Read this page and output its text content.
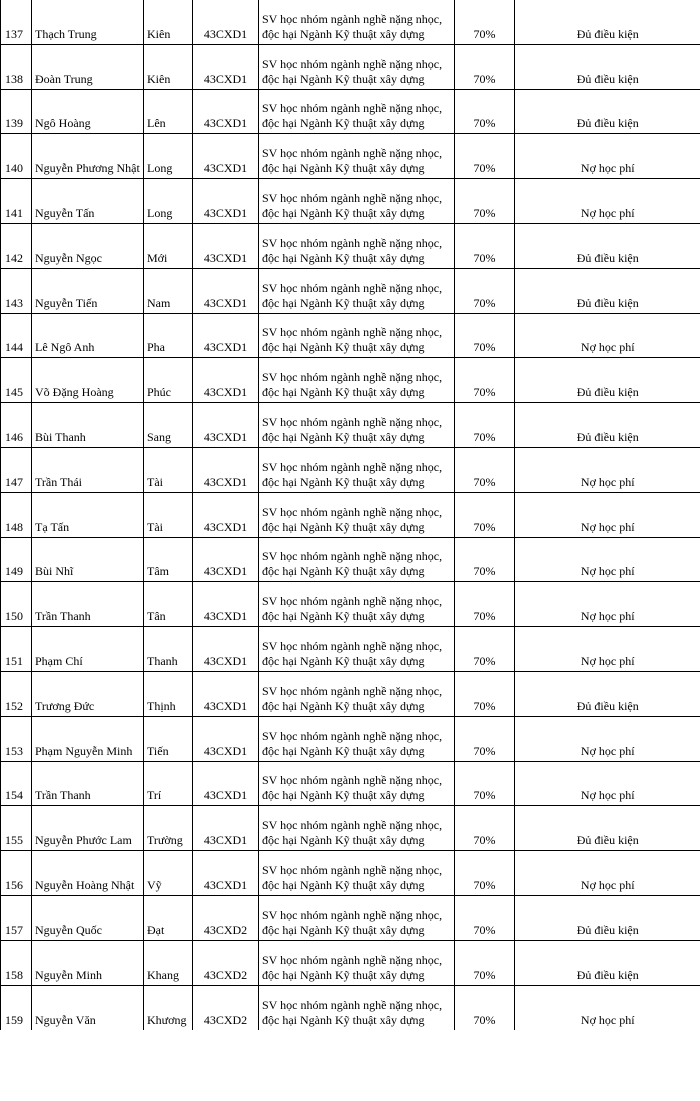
137	Thạch Trung	Kiên	43CXD1	SV học nhóm ngành nghề nặng nhọc, độc hại Ngành Kỹ thuật xây dựng	70%	Đủ điều kiện
138	Đoàn Trung	Kiên	43CXD1	SV học nhóm ngành nghề nặng nhọc, độc hại Ngành Kỹ thuật xây dựng	70%	Đủ điều kiện
139	Ngô Hoàng	Lên	43CXD1	SV học nhóm ngành nghề nặng nhọc, độc hại Ngành Kỹ thuật xây dựng	70%	Đủ điều kiện
140	Nguyễn Phương Nhật	Long	43CXD1	SV học nhóm ngành nghề nặng nhọc, độc hại Ngành Kỹ thuật xây dựng	70%	Nợ học phí
141	Nguyễn Tấn	Long	43CXD1	SV học nhóm ngành nghề nặng nhọc, độc hại Ngành Kỹ thuật xây dựng	70%	Nợ học phí
142	Nguyễn Ngọc	Mới	43CXD1	SV học nhóm ngành nghề nặng nhọc, độc hại Ngành Kỹ thuật xây dựng	70%	Đủ điều kiện
143	Nguyễn Tiến	Nam	43CXD1	SV học nhóm ngành nghề nặng nhọc, độc hại Ngành Kỹ thuật xây dựng	70%	Đủ điều kiện
144	Lê Ngô Anh	Pha	43CXD1	SV học nhóm ngành nghề nặng nhọc, độc hại Ngành Kỹ thuật xây dựng	70%	Nợ học phí
145	Võ Đặng Hoàng	Phúc	43CXD1	SV học nhóm ngành nghề nặng nhọc, độc hại Ngành Kỹ thuật xây dựng	70%	Đủ điều kiện
146	Bùi Thanh	Sang	43CXD1	SV học nhóm ngành nghề nặng nhọc, độc hại Ngành Kỹ thuật xây dựng	70%	Đủ điều kiện
147	Trần Thái	Tài	43CXD1	SV học nhóm ngành nghề nặng nhọc, độc hại Ngành Kỹ thuật xây dựng	70%	Nợ học phí
148	Tạ Tấn	Tài	43CXD1	SV học nhóm ngành nghề nặng nhọc, độc hại Ngành Kỹ thuật xây dựng	70%	Nợ học phí
149	Bùi Nhĩ	Tâm	43CXD1	SV học nhóm ngành nghề nặng nhọc, độc hại Ngành Kỹ thuật xây dựng	70%	Nợ học phí
150	Trần Thanh	Tân	43CXD1	SV học nhóm ngành nghề nặng nhọc, độc hại Ngành Kỹ thuật xây dựng	70%	Nợ học phí
151	Phạm Chí	Thanh	43CXD1	SV học nhóm ngành nghề nặng nhọc, độc hại Ngành Kỹ thuật xây dựng	70%	Nợ học phí
152	Trương Đức	Thịnh	43CXD1	SV học nhóm ngành nghề nặng nhọc, độc hại Ngành Kỹ thuật xây dựng	70%	Đủ điều kiện
153	Phạm Nguyễn Minh	Tiến	43CXD1	SV học nhóm ngành nghề nặng nhọc, độc hại Ngành Kỹ thuật xây dựng	70%	Nợ học phí
154	Trần Thanh	Trí	43CXD1	SV học nhóm ngành nghề nặng nhọc, độc hại Ngành Kỹ thuật xây dựng	70%	Nợ học phí
155	Nguyễn Phước Lam	Trường	43CXD1	SV học nhóm ngành nghề nặng nhọc, độc hại Ngành Kỹ thuật xây dựng	70%	Đủ điều kiện
156	Nguyễn Hoàng Nhật	Vỹ	43CXD1	SV học nhóm ngành nghề nặng nhọc, độc hại Ngành Kỹ thuật xây dựng	70%	Nợ học phí
157	Nguyễn Quốc	Đạt	43CXD2	SV học nhóm ngành nghề nặng nhọc, độc hại Ngành Kỹ thuật xây dựng	70%	Đủ điều kiện
158	Nguyễn Minh	Khang	43CXD2	SV học nhóm ngành nghề nặng nhọc, độc hại Ngành Kỹ thuật xây dựng	70%	Đủ điều kiện
159	Nguyễn Văn	Khương	43CXD2	SV học nhóm ngành nghề nặng nhọc, độc hại Ngành Kỹ thuật xây dựng	70%	Nợ học phí
